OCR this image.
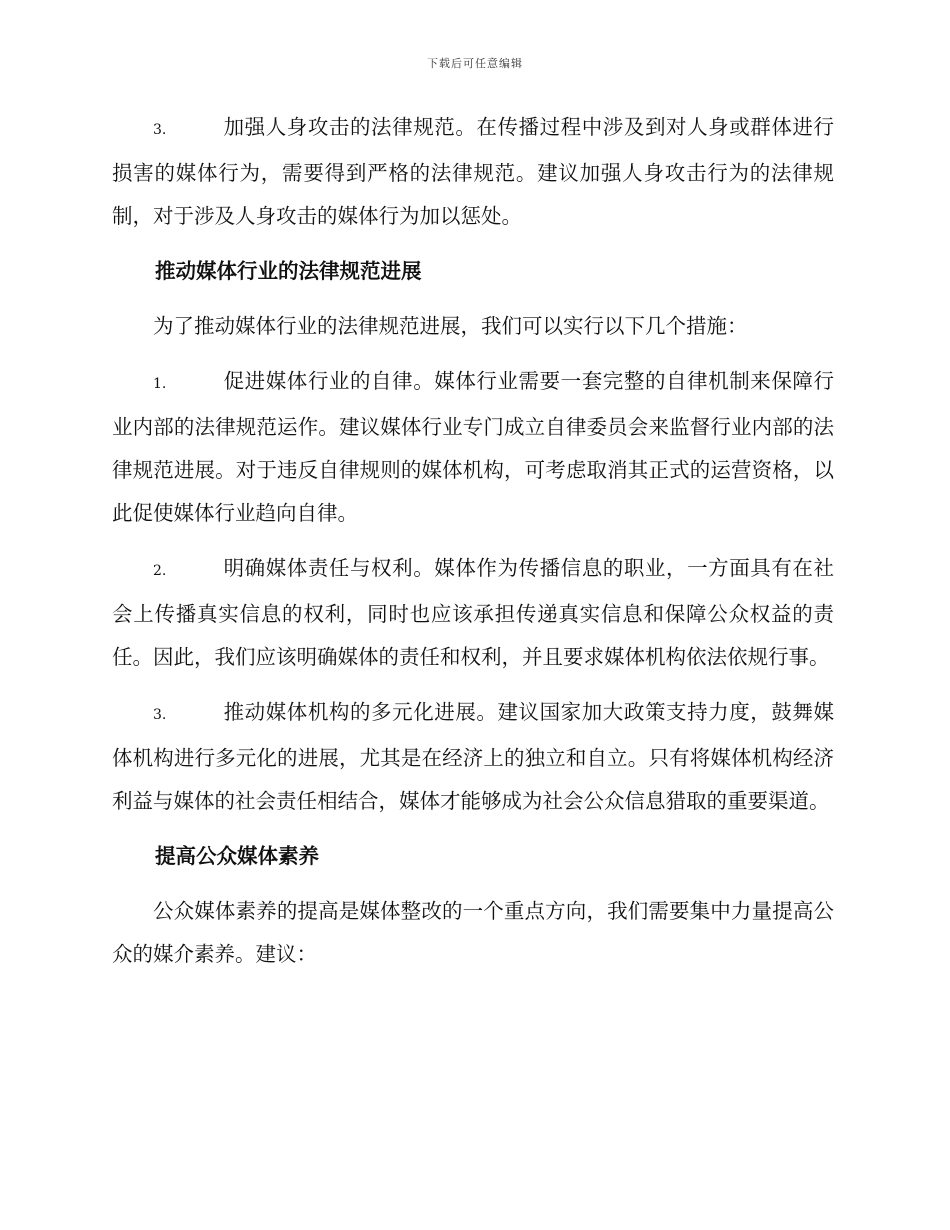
下载后可任意编辑

3.	加强人身攻击的法律规范。在传播过程中涉及到对人身或群体进行损害的媒体行为，需要得到严格的法律规范。建议加强人身攻击行为的法律规制，对于涉及人身攻击的媒体行为加以惩处。

推动媒体行业的法律规范进展

为了推动媒体行业的法律规范进展，我们可以实行以下几个措施：

1.	促进媒体行业的自律。媒体行业需要一套完整的自律机制来保障行业内部的法律规范运作。建议媒体行业专门成立自律委员会来监督行业内部的法律规范进展。对于违反自律规则的媒体机构，可考虑取消其正式的运营资格，以此促使媒体行业趋向自律。

2.	明确媒体责任与权利。媒体作为传播信息的职业，一方面具有在社会上传播真实信息的权利，同时也应该承担传递真实信息和保障公众权益的责任。因此，我们应该明确媒体的责任和权利，并且要求媒体机构依法依规行事。

3.	推动媒体机构的多元化进展。建议国家加大政策支持力度，鼓舞媒体机构进行多元化的进展，尤其是在经济上的独立和自立。只有将媒体机构经济利益与媒体的社会责任相结合，媒体才能够成为社会公众信息猎取的重要渠道。

提高公众媒体素养

公众媒体素养的提高是媒体整改的一个重点方向，我们需要集中力量提高公众的媒介素养。建议：
